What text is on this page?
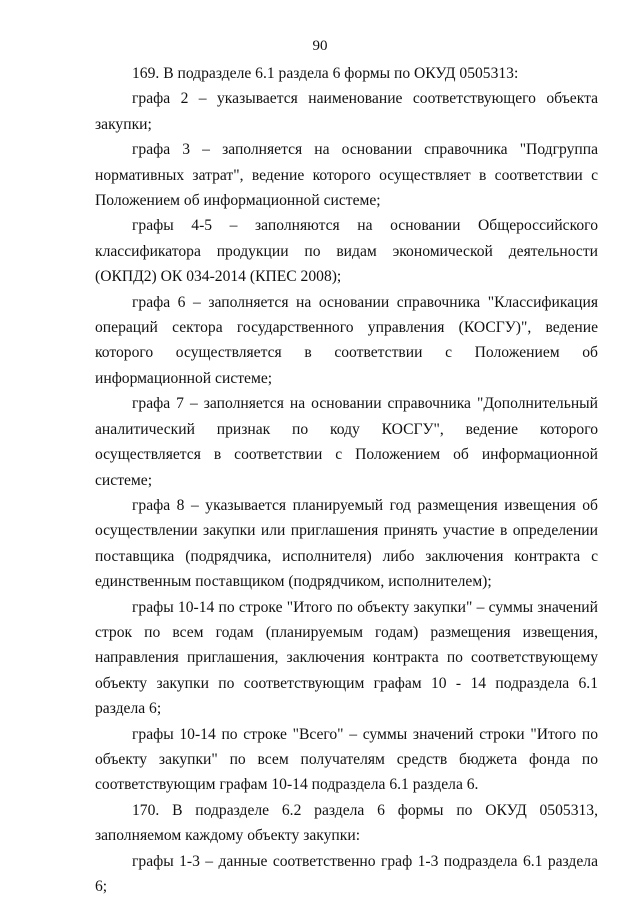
90

169. В подразделе 6.1 раздела 6 формы по ОКУД 0505313:

графа 2 – указывается наименование соответствующего объекта закупки;

графа 3 – заполняется на основании справочника "Подгруппа нормативных затрат", ведение которого осуществляет в соответствии с Положением об информационной системе;

графы 4-5 – заполняются на основании Общероссийского классификатора продукции по видам экономической деятельности (ОКПД2) ОК 034-2014 (КПЕС 2008);

графа 6 – заполняется на основании справочника "Классификация операций сектора государственного управления (КОСГУ)", ведение которого осуществляется в соответствии с Положением об информационной системе;

графа 7 – заполняется на основании справочника "Дополнительный аналитический признак по коду КОСГУ", ведение которого осуществляется в соответствии с Положением об информационной системе;

графа 8 – указывается планируемый год размещения извещения об осуществлении закупки или приглашения принять участие в определении поставщика (подрядчика, исполнителя) либо заключения контракта с единственным поставщиком (подрядчиком, исполнителем);

графы 10-14 по строке "Итого по объекту закупки" – суммы значений строк по всем годам (планируемым годам) размещения извещения, направления приглашения, заключения контракта по соответствующему объекту закупки по соответствующим графам 10 - 14 подраздела 6.1 раздела 6;

графы 10-14 по строке "Всего" – суммы значений строки "Итого по объекту закупки" по всем получателям средств бюджета фонда по соответствующим графам 10-14 подраздела 6.1 раздела 6.

170. В подразделе 6.2 раздела 6 формы по ОКУД 0505313, заполняемом каждому объекту закупки:

графы 1-3 – данные соответственно граф 1-3 подраздела 6.1 раздела 6;
